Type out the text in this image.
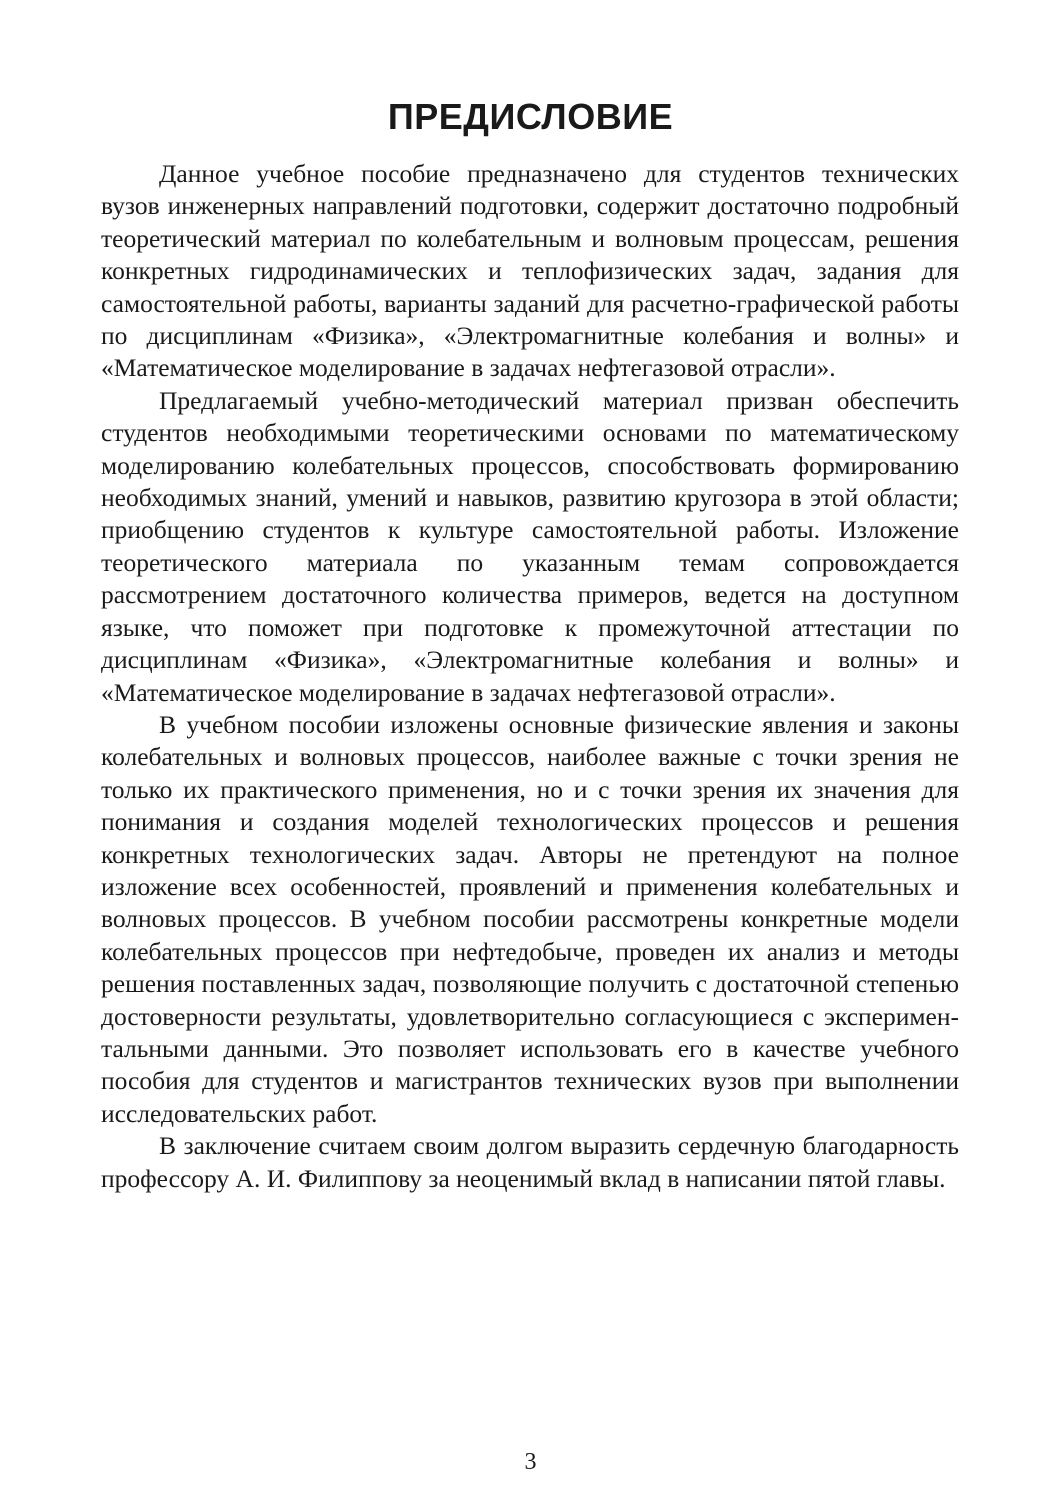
ПРЕДИСЛОВИЕ

Данное учебное пособие предназначено для студентов технических вузов инженерных направлений подготовки, содержит достаточно подробный теоретический материал по колебательным и волновым процессам, решения конкретных гидродинамических и теплофизических задач, задания для самостоятельной работы, варианты заданий для расчетно-графической работы по дисциплинам «Физика», «Электромагнитные колебания и волны» и «Математическое моделирование в задачах нефтегазовой отрасли».

Предлагаемый учебно-методический материал призван обеспечить студентов необходимыми теоретическими основами по математическому моделированию колебательных процессов, способствовать формированию необходимых знаний, умений и навыков, развитию кругозора в этой области; приобщению студентов к культуре самостоятельной работы. Изложение теоретического материала по указанным темам сопровождается рассмотрением достаточного количества примеров, ведется на доступном языке, что поможет при подготовке к промежуточной аттестации по дисциплинам «Физика», «Электромагнитные колебания и волны» и «Математическое моделирование в задачах нефтегазовой отрасли».

В учебном пособии изложены основные физические явления и законы колебательных и волновых процессов, наиболее важные с точки зрения не только их практического применения, но и с точки зрения их значения для понимания и создания моделей технологических процессов и решения конкретных технологических задач. Авторы не претендуют на полное изложение всех особенностей, проявлений и применения колебательных и волновых процессов. В учебном пособии рассмотрены конкретные модели колебательных процессов при нефтедобыче, проведен их анализ и методы решения поставленных задач, позволяющие получить с достаточной степенью достоверности результаты, удовлетворительно согласующиеся с экспериментальными данными. Это позволяет использовать его в качестве учебного пособия для студентов и магистрантов технических вузов при выполнении исследовательских работ.

В заключение считаем своим долгом выразить сердечную благодарность профессору А. И. Филиппову за неоценимый вклад в написании пятой главы.

3
